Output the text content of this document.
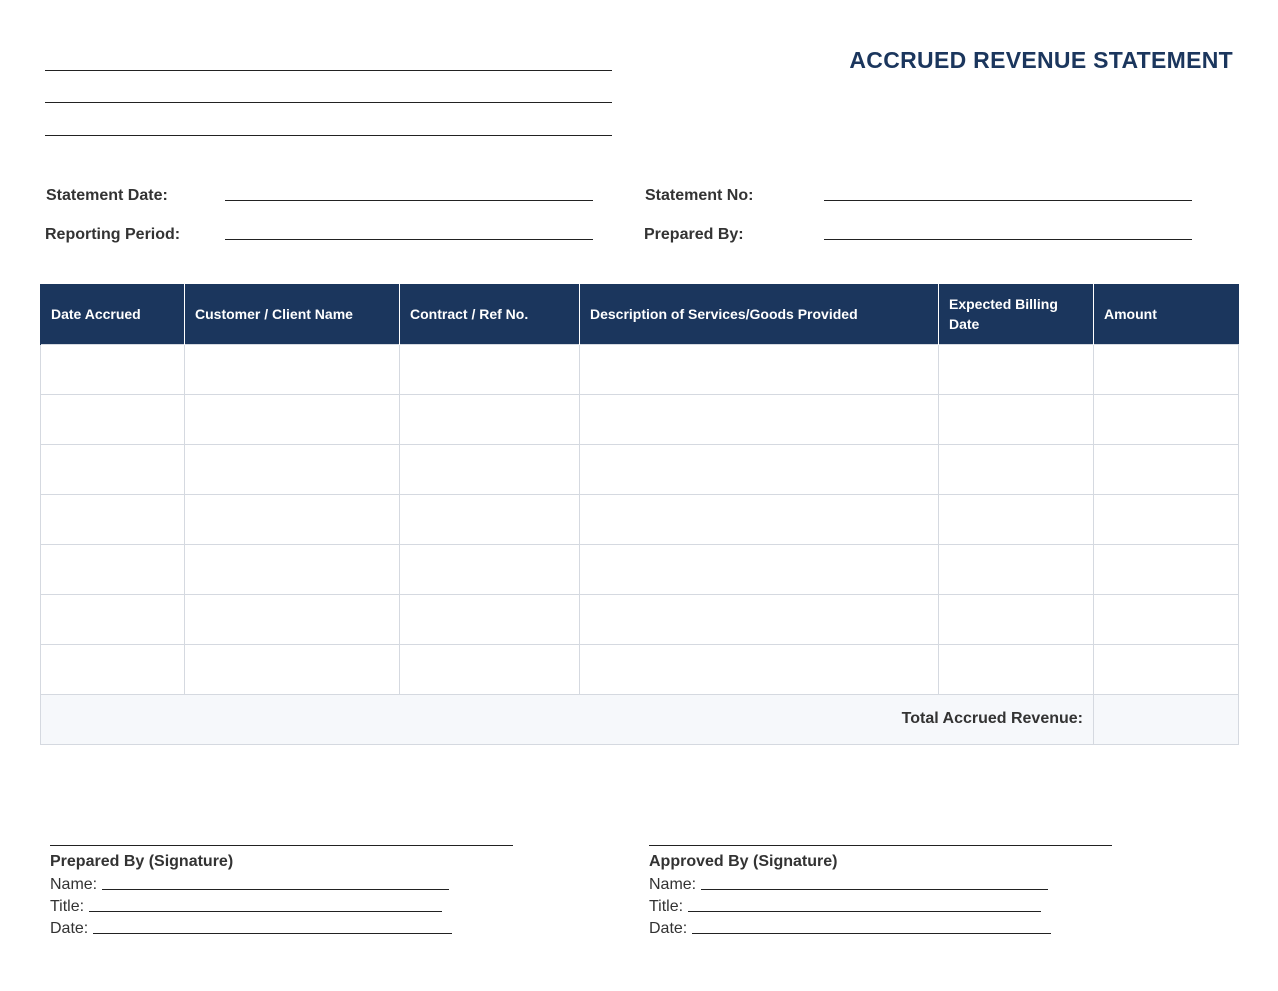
ACCRUED REVENUE STATEMENT
Statement Date:
Reporting Period:
Statement No:
Prepared By:
Date Accrued	Customer / Client Name	Contract / Ref No.	Description of Services/Goods Provided	Expected Billing Date	Amount

Total Accrued Revenue:					
Prepared By (Signature)
Name:
Title:
Date:
Approved By (Signature)
Name:
Title:
Date:
